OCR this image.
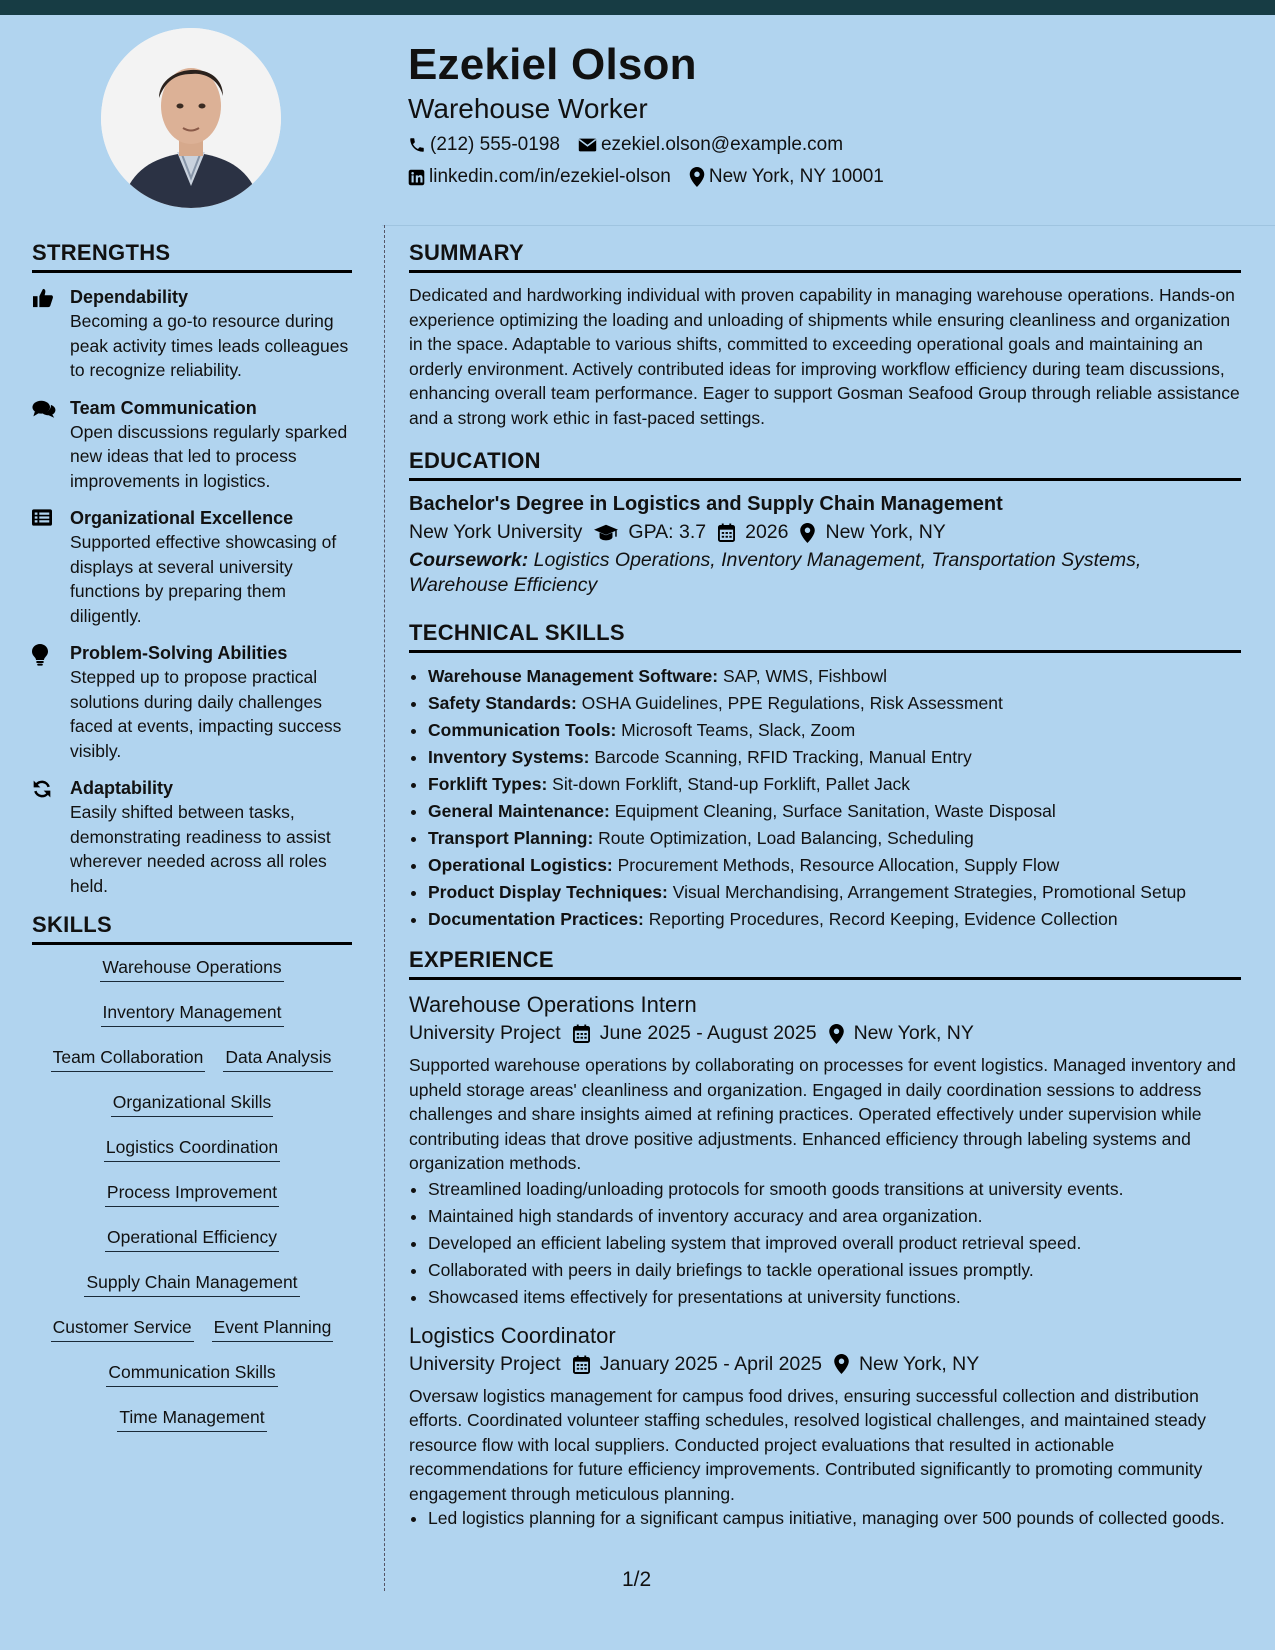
Ezekiel Olson
Warehouse Worker
(212) 555-0198 ezekiel.olson@example.com
linkedin.com/in/ezekiel-olson New York, NY 10001
STRENGTHS
Dependability
Becoming a go-to resource during peak activity times leads colleagues to recognize reliability.
Team Communication
Open discussions regularly sparked new ideas that led to process improvements in logistics.
Organizational Excellence
Supported effective showcasing of displays at several university functions by preparing them diligently.
Problem-Solving Abilities
Stepped up to propose practical solutions during daily challenges faced at events, impacting success visibly.
Adaptability
Easily shifted between tasks, demonstrating readiness to assist wherever needed across all roles held.
SKILLS
Warehouse Operations
Inventory Management
Team Collaboration Data Analysis
Organizational Skills
Logistics Coordination
Process Improvement
Operational Efficiency
Supply Chain Management
Customer Service Event Planning
Communication Skills
Time Management
SUMMARY
Dedicated and hardworking individual with proven capability in managing warehouse operations. Hands-on experience optimizing the loading and unloading of shipments while ensuring cleanliness and organization in the space. Adaptable to various shifts, committed to exceeding operational goals and maintaining an orderly environment. Actively contributed ideas for improving workflow efficiency during team discussions, enhancing overall team performance. Eager to support Gosman Seafood Group through reliable assistance and a strong work ethic in fast-paced settings.
EDUCATION
Bachelor's Degree in Logistics and Supply Chain Management
New York University GPA: 3.7 2026 New York, NY
Coursework: Logistics Operations, Inventory Management, Transportation Systems, Warehouse Efficiency
TECHNICAL SKILLS
• Warehouse Management Software: SAP, WMS, Fishbowl
• Safety Standards: OSHA Guidelines, PPE Regulations, Risk Assessment
• Communication Tools: Microsoft Teams, Slack, Zoom
• Inventory Systems: Barcode Scanning, RFID Tracking, Manual Entry
• Forklift Types: Sit-down Forklift, Stand-up Forklift, Pallet Jack
• General Maintenance: Equipment Cleaning, Surface Sanitation, Waste Disposal
• Transport Planning: Route Optimization, Load Balancing, Scheduling
• Operational Logistics: Procurement Methods, Resource Allocation, Supply Flow
• Product Display Techniques: Visual Merchandising, Arrangement Strategies, Promotional Setup
• Documentation Practices: Reporting Procedures, Record Keeping, Evidence Collection
EXPERIENCE
Warehouse Operations Intern
University Project June 2025 - August 2025 New York, NY
Supported warehouse operations by collaborating on processes for event logistics. Managed inventory and upheld storage areas' cleanliness and organization. Engaged in daily coordination sessions to address challenges and share insights aimed at refining practices. Operated effectively under supervision while contributing ideas that drove positive adjustments. Enhanced efficiency through labeling systems and organization methods.
• Streamlined loading/unloading protocols for smooth goods transitions at university events.
• Maintained high standards of inventory accuracy and area organization.
• Developed an efficient labeling system that improved overall product retrieval speed.
• Collaborated with peers in daily briefings to tackle operational issues promptly.
• Showcased items effectively for presentations at university functions.
Logistics Coordinator
University Project January 2025 - April 2025 New York, NY
Oversaw logistics management for campus food drives, ensuring successful collection and distribution efforts. Coordinated volunteer staffing schedules, resolved logistical challenges, and maintained steady resource flow with local suppliers. Conducted project evaluations that resulted in actionable recommendations for future efficiency improvements. Contributed significantly to promoting community engagement through meticulous planning.
• Led logistics planning for a significant campus initiative, managing over 500 pounds of collected goods.
1/2
